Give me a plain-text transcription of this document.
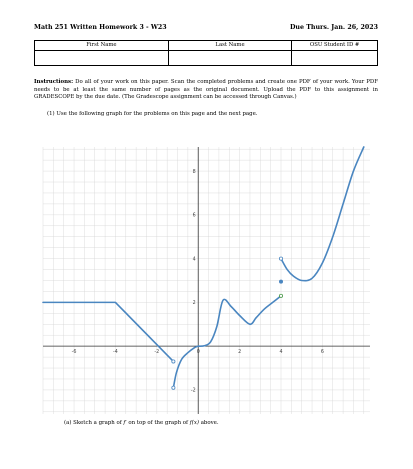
Math 251 Written Homework 3 - W23	Due Thurs. Jan. 26, 2023
First Name	Last Name	OSU Student ID #

Instructions: Do all of your work on this paper. Scan the completed problems and create one PDF of your work. Your PDF needs to be at least the same number of pages as the original document. Upload the PDF to this assignment in GRADESCOPE by the due date. (The Gradescope assignment can be accessed through Canvas.)
(1) Use the following graph for the problems on this page and the next page.
-6	-4	-2	0	2	4	6
-2
2
4
6
8
(a) Sketch a graph of f′ on top of the graph of f(x) above.
